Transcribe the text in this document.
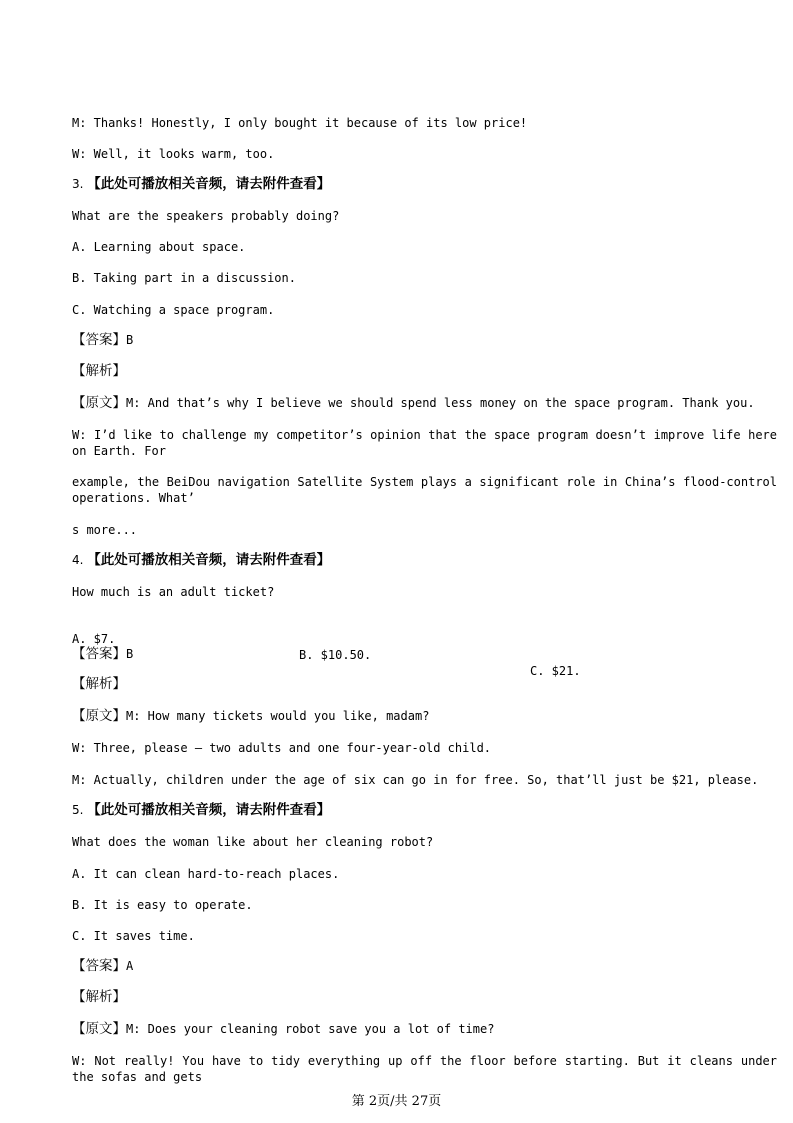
M: Thanks! Honestly, I only bought it because of its low price!
W: Well, it looks warm, too.
3. 【此处可播放相关音频，请去附件查看】
What are the speakers probably doing?
A. Learning about space.
B. Taking part in a discussion.
C. Watching a space program.
【答案】B
【解析】
【原文】M: And that’s why I believe we should spend less money on the space program. Thank you.
W: I’d like to challenge my competitor’s opinion that the space program doesn’t improve life here on Earth. For
example, the BeiDou navigation Satellite System plays a significant role in China’s flood-control operations. What’
s more...
4. 【此处可播放相关音频，请去附件查看】
How much is an adult ticket?

A. $7.

B. $10.50.

C. $21.

【答案】B
【解析】
【原文】M: How many tickets would you like, madam?
W: Three, please — two adults and one four-year-old child.
M: Actually, children under the age of six can go in for free. So, that’ll just be $21, please.
5. 【此处可播放相关音频，请去附件查看】
What does the woman like about her cleaning robot?
A. It can clean hard-to-reach places.
B. It is easy to operate.
C. It saves time.
【答案】A
【解析】
【原文】M: Does your cleaning robot save you a lot of time?
W: Not really! You have to tidy everything up off the floor before starting. But it cleans under the sofas and gets
第 2页/共 27页
